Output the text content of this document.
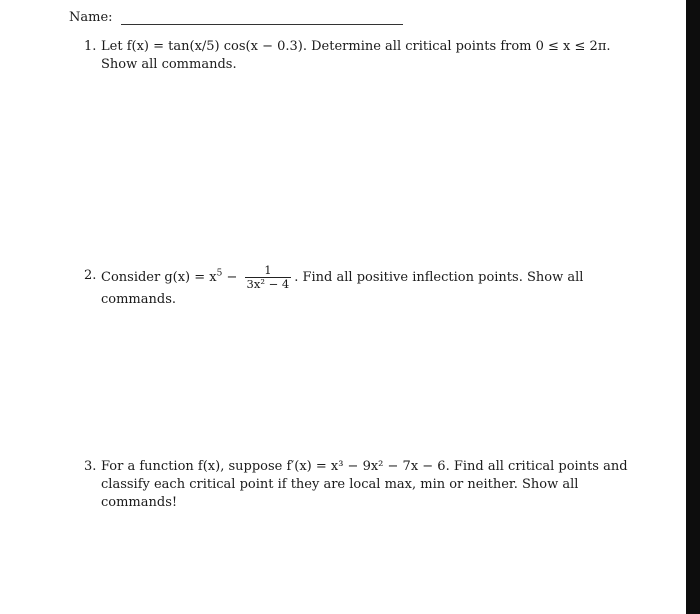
Name:
1. Let f(x) = tan(x/5) cos(x − 0.3). Determine all critical points from 0 ≤ x ≤ 2π. Show all commands.
2. Consider $g(x) = x^5 - \frac{1}{\text{3x² − 4}}$ . Find all positive inflection points. Show all commands.
3. For a function f(x), suppose f′(x) = x³ − 9x² − 7x − 6. Find all critical points and classify each critical point if they are local max, min or neither. Show all commands!
